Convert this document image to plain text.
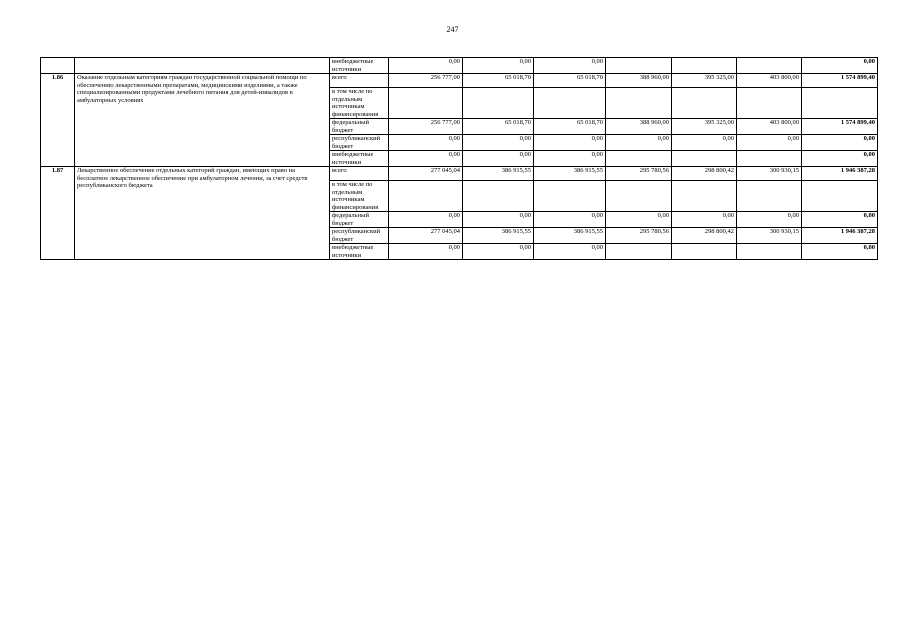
247
		внебюджетные источники	0,00	0,00	0,00				0,00
1.86	Оказание отдельным категориям граждан государственной социальной помощи по обеспечению лекарственными препаратами, медицинскими изделиями, а также специализированными продуктами лечебного питания для детей-инвалидов в амбулаторных условиях	всего	256 777,00	65 018,70	65 018,70	388 960,00	395 325,00	403 800,00	1 574 899,40
		в том числе по отдельным источникам финансирования							
		федеральный бюджет	256 777,00	65 018,70	65 018,70	388 960,00	395 325,00	403 800,00	1 574 899,40
		республиканский бюджет	0,00	0,00	0,00	0,00	0,00	0,00	0,00
		внебюджетные источники	0,00	0,00	0,00				0,00
1.87	Лекарственное обеспечение отдельных категорий граждан, имеющих право на бесплатное лекарственное обеспечение при амбулаторном лечении, за счет средств республиканского бюджета	всего	277 045,04	386 915,55	386 915,55	295 780,56	298 800,42	300 930,15	1 946 387,28
		в том числе по отдельным источникам финансирования							
		федеральный бюджет	0,00	0,00	0,00	0,00	0,00	0,00	0,00
		республиканский бюджет	277 045,04	386 915,55	386 915,55	295 780,56	298 800,42	300 930,15	1 946 387,28
		внебюджетные источники	0,00	0,00	0,00				0,00
